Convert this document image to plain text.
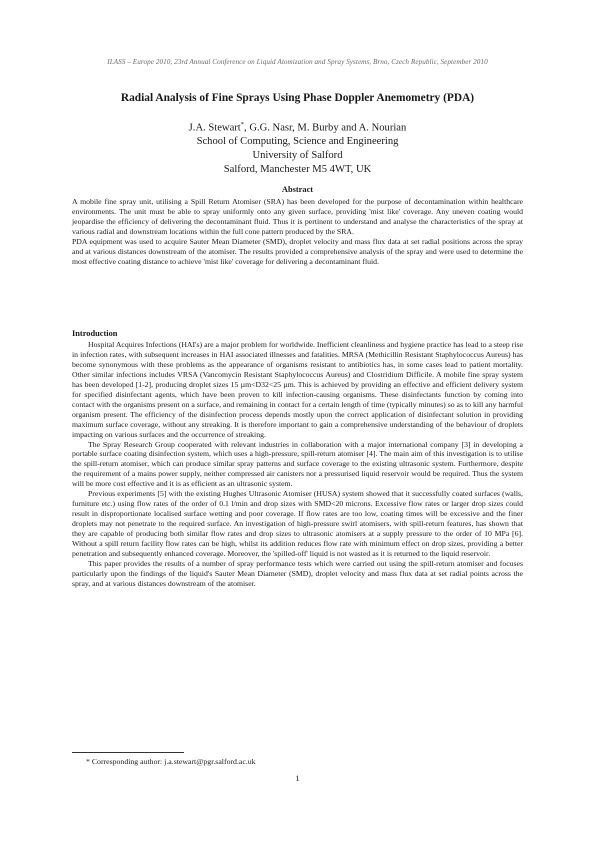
ILASS – Europe 2010, 23rd Annual Conference on Liquid Atomization and Spray Systems, Brno, Czech Republic, September 2010
Radial Analysis of Fine Sprays Using Phase Doppler Anemometry (PDA)
J.A. Stewart*, G.G. Nasr, M. Burby and A. Nourian
School of Computing, Science and Engineering
University of Salford
Salford, Manchester M5 4WT, UK
Abstract

A mobile fine spray unit, utilising a Spill Return Atomiser (SRA) has been developed for the purpose of decontamination within healthcare environments. The unit must be able to spray uniformly onto any given surface, providing 'mist like' coverage. Any uneven coating would jeopardise the efficiency of delivering the decontaminant fluid. Thus it is pertinent to understand and analyse the characteristics of the spray at various radial and downstream locations within the full cone pattern produced by the SRA.

PDA equipment was used to acquire Sauter Mean Diameter (SMD), droplet velocity and mass flux data at set radial positions across the spray and at various distances downstream of the atomiser. The results provided a comprehensive analysis of the spray and were used to determine the most effective coating distance to achieve 'mist like' coverage for delivering a decontaminant fluid.

Introduction

Hospital Acquires Infections (HAI's) are a major problem for worldwide. Inefficient cleanliness and hygiene practice has lead to a steep rise in infection rates, with subsequent increases in HAI associated illnesses and fatalities. MRSA (Methicillin Resistant Staphylococcus Aureus) has become synonymous with these problems as the appearance of organisms resistant to antibiotics has, in some cases lead to patient mortality. Other similar infections includes VRSA (Vancomycin Resistant Staphylococcus Aureus) and Clostridium Difficile. A mobile fine spray system has been developed [1-2], producing droplet sizes 15 µm<D32<25 µm. This is achieved by providing an effective and efficient delivery system for specified disinfectant agents, which have been proven to kill infection-causing organisms. These disinfectants function by coming into contact with the organisms present on a surface, and remaining in contact for a certain length of time (typically minutes) so as to kill any harmful organism present. The efficiency of the disinfection process depends mostly upon the correct application of disinfectant solution in providing maximum surface coverage, without any streaking. It is therefore important to gain a comprehensive understanding of the behaviour of droplets impacting on various surfaces and the occurrence of streaking.

The Spray Research Group cooperated with relevant industries in collaboration with a major international company [3] in developing a portable surface coating disinfection system, which uses a high-pressure, spill-return atomiser [4]. The main aim of this investigation is to utilise the spill-return atomiser, which can produce similar spray patterns and surface coverage to the existing ultrasonic system. Furthermore, despite the requirement of a mains power supply, neither compressed air canisters nor a pressurised liquid reservoir would be required. Thus the system will be more cost effective and it is as efficient as an ultrasonic system.

Previous experiments [5] with the existing Hughes Ultrasonic Atomiser (HUSA) system showed that it successfully coated surfaces (walls, furniture etc.) using flow rates of the order of 0.1 l/min and drop sizes with SMD<20 microns. Excessive flow rates or larger drop sizes could result in disproportionate localised surface wetting and poor coverage. If flow rates are too low, coating times will be excessive and the finer droplets may not penetrate to the required surface. An investigation of high-pressure swirl atomisers, with spill-return features, has shown that they are capable of producing both similar flow rates and drop sizes to ultrasonic atomisers at a supply pressure to the order of 10 MPa [6]. Without a spill return facility flow rates can be high, whilst its addition reduces flow rate with minimum effect on drop sizes, providing a better penetration and subsequently enhanced coverage. Moreover, the 'spilled-off' liquid is not wasted as it is returned to the liquid reservoir.

This paper provides the results of a number of spray performance tests which were carried out using the spill-return atomiser and focuses particularly upon the findings of the liquid's Sauter Mean Diameter (SMD), droplet velocity and mass flux data at set radial points across the spray, and at various distances downstream of the atomiser.

* Corresponding author: j.a.stewart@pgr.salford.ac.uk
1
